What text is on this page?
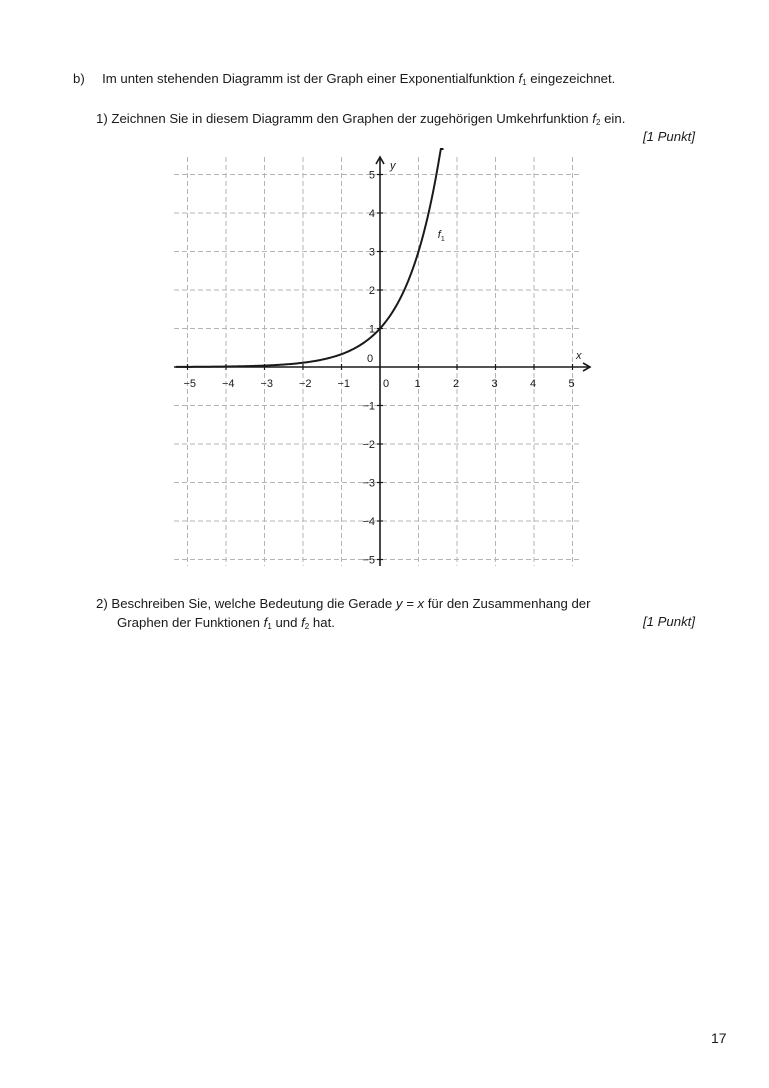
b) Im unten stehenden Diagramm ist der Graph einer Exponentialfunktion $f_1$ eingezeichnet.
1) Zeichnen Sie in diesem Diagramm den Graphen der zugehörigen Umkehrfunktion $f_2$ ein.
[1 Punkt]
−5 −4 −3 −2 −1	0 1	2	3	4	5
−5
−4
−3
−2
−1
0
1
2
3
4
5
x
y
$f_1$
2) Beschreiben Sie, welche Bedeutung die Gerade y = x für den Zusammenhang der
Graphen der Funktionen $f_1$ und $f_2$ hat.	[1 Punkt]
17
